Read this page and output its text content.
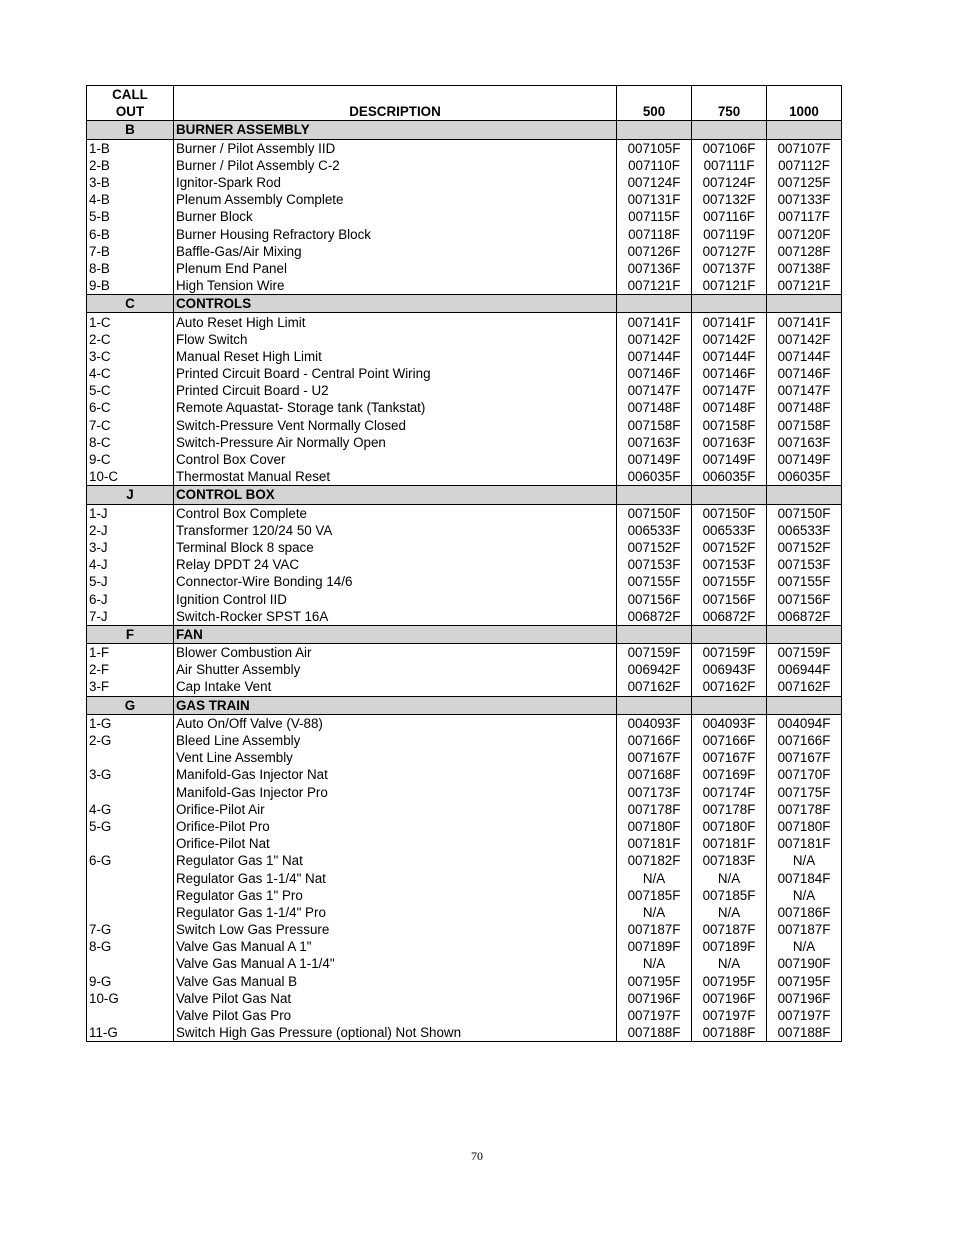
CALL	DESCRIPTION	500	750	1000
OUT				
B	BURNER ASSEMBLY			
1-B	Burner / Pilot Assembly IID	007105F	007106F	007107F
2-B	Burner / Pilot Assembly C-2	007110F	007111F	007112F
3-B	Ignitor-Spark Rod	007124F	007124F	007125F
4-B	Plenum Assembly Complete	007131F	007132F	007133F
5-B	Burner Block	007115F	007116F	007117F
6-B	Burner Housing Refractory Block	007118F	007119F	007120F
7-B	Baffle-Gas/Air Mixing	007126F	007127F	007128F
8-B	Plenum End Panel	007136F	007137F	007138F
9-B	High Tension Wire	007121F	007121F	007121F
C	CONTROLS			
1-C	Auto Reset High Limit	007141F	007141F	007141F
2-C	Flow Switch	007142F	007142F	007142F
3-C	Manual Reset High Limit	007144F	007144F	007144F
4-C	Printed Circuit Board - Central Point Wiring	007146F	007146F	007146F
5-C	Printed Circuit Board - U2	007147F	007147F	007147F
6-C	Remote Aquastat- Storage tank (Tankstat)	007148F	007148F	007148F
7-C	Switch-Pressure Vent Normally Closed	007158F	007158F	007158F
8-C	Switch-Pressure Air Normally Open	007163F	007163F	007163F
9-C	Control Box Cover	007149F	007149F	007149F
10-C	Thermostat Manual Reset	006035F	006035F	006035F
J	CONTROL BOX			
1-J	Control Box Complete	007150F	007150F	007150F
2-J	Transformer 120/24 50 VA	006533F	006533F	006533F
3-J	Terminal Block 8 space	007152F	007152F	007152F
4-J	Relay DPDT 24 VAC	007153F	007153F	007153F
5-J	Connector-Wire Bonding 14/6	007155F	007155F	007155F
6-J	Ignition Control IID	007156F	007156F	007156F
7-J	Switch-Rocker SPST 16A	006872F	006872F	006872F
F	FAN			
1-F	Blower Combustion Air	007159F	007159F	007159F
2-F	Air Shutter Assembly	006942F	006943F	006944F
3-F	Cap Intake Vent	007162F	007162F	007162F
G	GAS TRAIN			
1-G	Auto On/Off Valve (V-88)	004093F	004093F	004094F
2-G	Bleed Line Assembly	007166F	007166F	007166F
	Vent Line Assembly	007167F	007167F	007167F
3-G	Manifold-Gas Injector Nat	007168F	007169F	007170F
	Manifold-Gas Injector Pro	007173F	007174F	007175F
4-G	Orifice-Pilot Air	007178F	007178F	007178F
5-G	Orifice-Pilot Pro	007180F	007180F	007180F
	Orifice-Pilot Nat	007181F	007181F	007181F
6-G	Regulator Gas 1" Nat	007182F	007183F	N/A
	Regulator Gas 1-1/4" Nat	N/A	N/A	007184F
	Regulator Gas 1" Pro	007185F	007185F	N/A
	Regulator Gas 1-1/4" Pro	N/A	N/A	007186F
7-G	Switch Low Gas Pressure	007187F	007187F	007187F
8-G	Valve Gas Manual A 1"	007189F	007189F	N/A
	Valve Gas Manual A 1-1/4"	N/A	N/A	007190F
9-G	Valve Gas Manual B	007195F	007195F	007195F
10-G	Valve Pilot Gas Nat	007196F	007196F	007196F
	Valve Pilot Gas Pro	007197F	007197F	007197F
11-G	Switch High Gas Pressure (optional) Not Shown	007188F	007188F	007188F
70
